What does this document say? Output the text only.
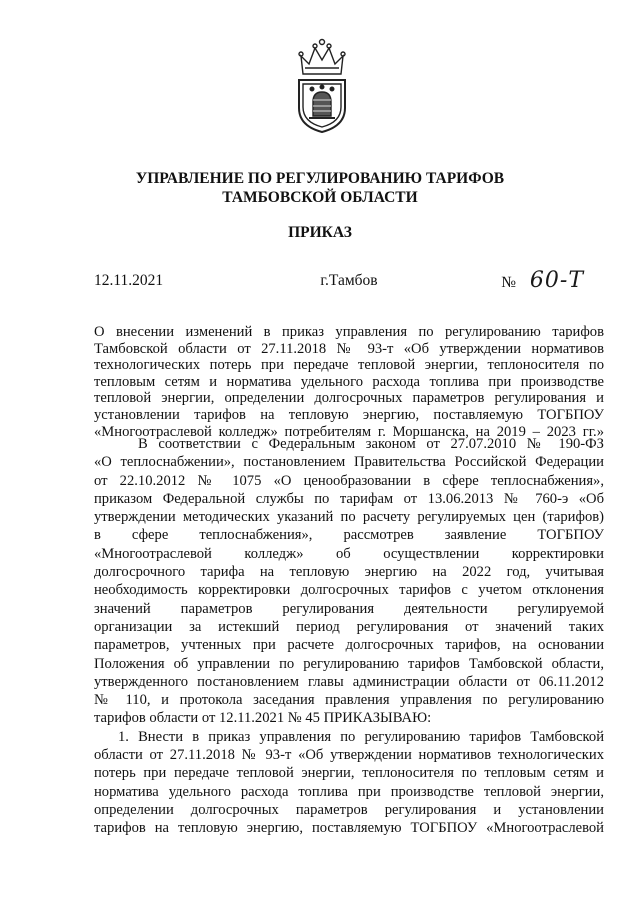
УПРАВЛЕНИЕ ПО РЕГУЛИРОВАНИЮ ТАРИФОВ
ТАМБОВСКОЙ ОБЛАСТИ
ПРИКАЗ
12.11.2021	г.Тамбов	№ 60-Т
О внесении изменений в приказ управления по регулированию тарифов
Тамбовской области от 27.11.2018 № 93-т «Об утверждении нормативов
технологических потерь при передаче тепловой энергии, теплоносителя по
тепловым сетям и норматива удельного расхода топлива при производстве
тепловой энергии, определении долгосрочных параметров регулирования и
установлении тарифов на тепловую энергию, поставляемую ТОГБПОУ
«Многоотраслевой колледж» потребителям г. Моршанска, на 2019 – 2023 гг.»
В соответствии с Федеральным законом от 27.07.2010 № 190-ФЗ
«О теплоснабжении», постановлением Правительства Российской Федерации
от 22.10.2012 № 1075 «О ценообразовании в сфере теплоснабжения»,
приказом Федеральной службы по тарифам от 13.06.2013 № 760-э «Об
утверждении методических указаний по расчету регулируемых цен (тарифов)
в сфере теплоснабжения», рассмотрев заявление ТОГБПОУ
«Многоотраслевой колледж» об осуществлении корректировки
долгосрочного тарифа на тепловую энергию на 2022 год, учитывая
необходимость корректировки долгосрочных тарифов с учетом отклонения
значений параметров регулирования деятельности регулируемой
организации за истекший период регулирования от значений таких
параметров, учтенных при расчете долгосрочных тарифов, на основании
Положения об управлении по регулированию тарифов Тамбовской области,
утвержденного постановлением главы администрации области от 06.11.2012
№ 110, и протокола заседания правления управления по регулированию
тарифов области от 12.11.2021 № 45 ПРИКАЗЫВАЮ:
1. Внести в приказ управления по регулированию тарифов Тамбовской
области от 27.11.2018 № 93-т «Об утверждении нормативов технологических
потерь при передаче тепловой энергии, теплоносителя по тепловым сетям и
норматива удельного расхода топлива при производстве тепловой энергии,
определении долгосрочных параметров регулирования и установлении
тарифов на тепловую энергию, поставляемую ТОГБПОУ «Многоотраслевой
